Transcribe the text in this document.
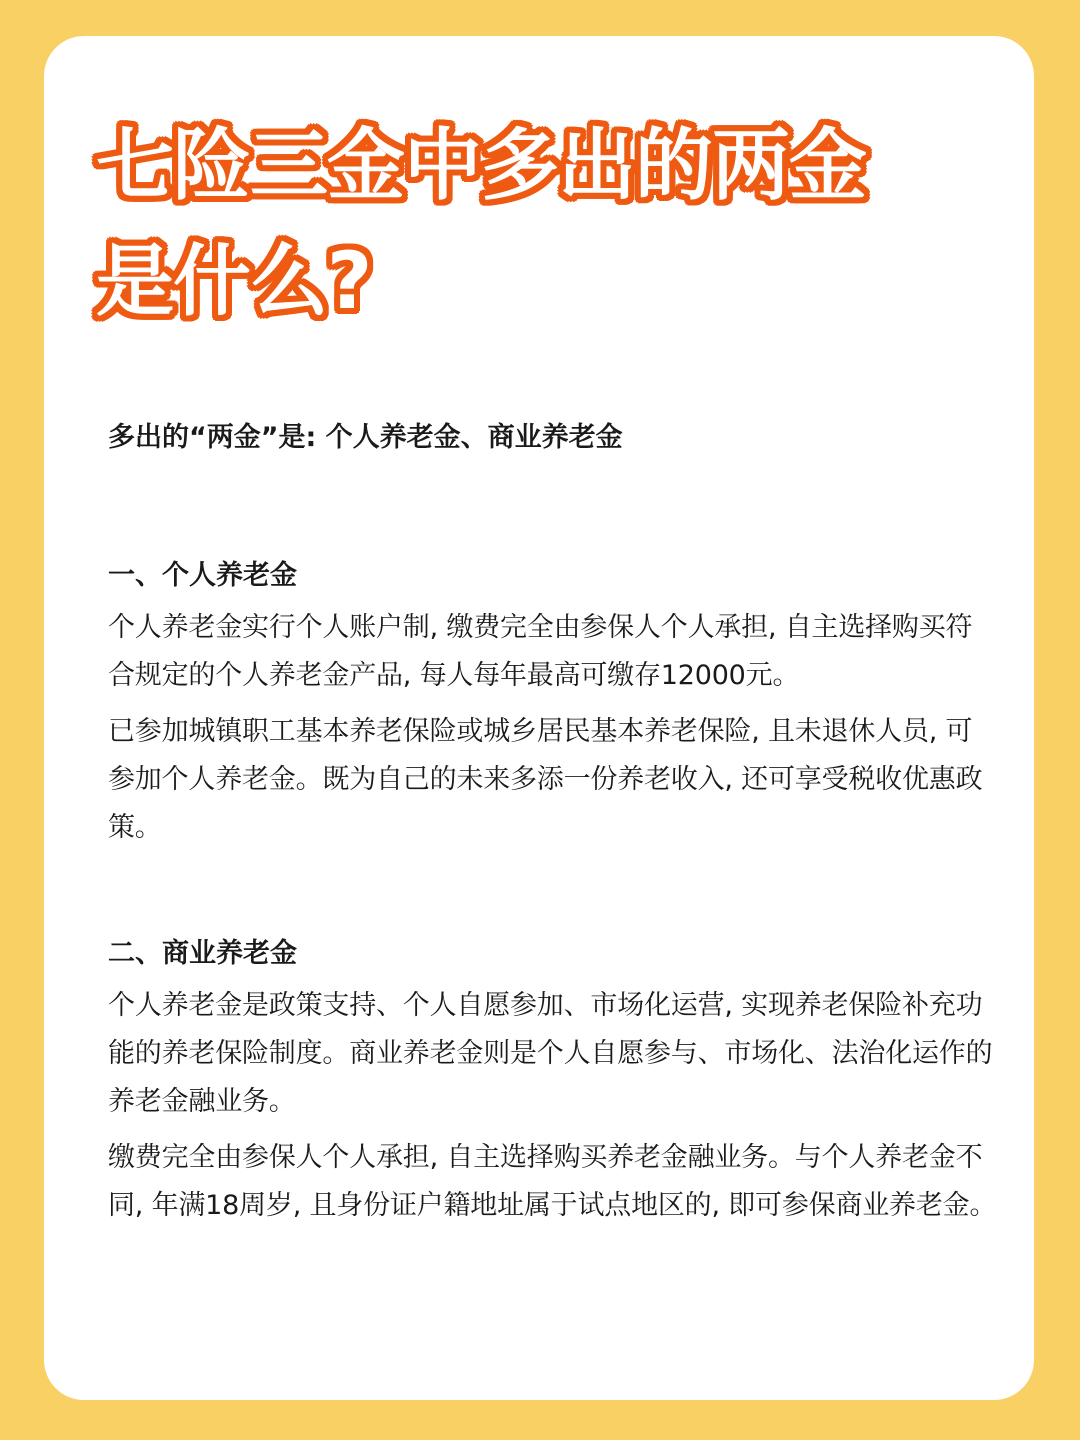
七险三金中多出的两金
是什么?

多出的“两金”是: 个人养老金、商业养老金

一、个人养老金

个人养老金实行个人账户制, 缴费完全由参保人个人承担, 自主选择购买符合规定的个人养老金产品, 每人每年最高可缴存12000元。

已参加城镇职工基本养老保险或城乡居民基本养老保险, 且未退休人员, 可参加个人养老金。既为自己的未来多添一份养老收入, 还可享受税收优惠政策。

二、商业养老金

个人养老金是政策支持、个人自愿参加、市场化运营, 实现养老保险补充功能的养老保险制度。商业养老金则是个人自愿参与、市场化、法治化运作的养老金融业务。

缴费完全由参保人个人承担, 自主选择购买养老金融业务。与个人养老金不同, 年满18周岁, 且身份证户籍地址属于试点地区的, 即可参保商业养老金。
